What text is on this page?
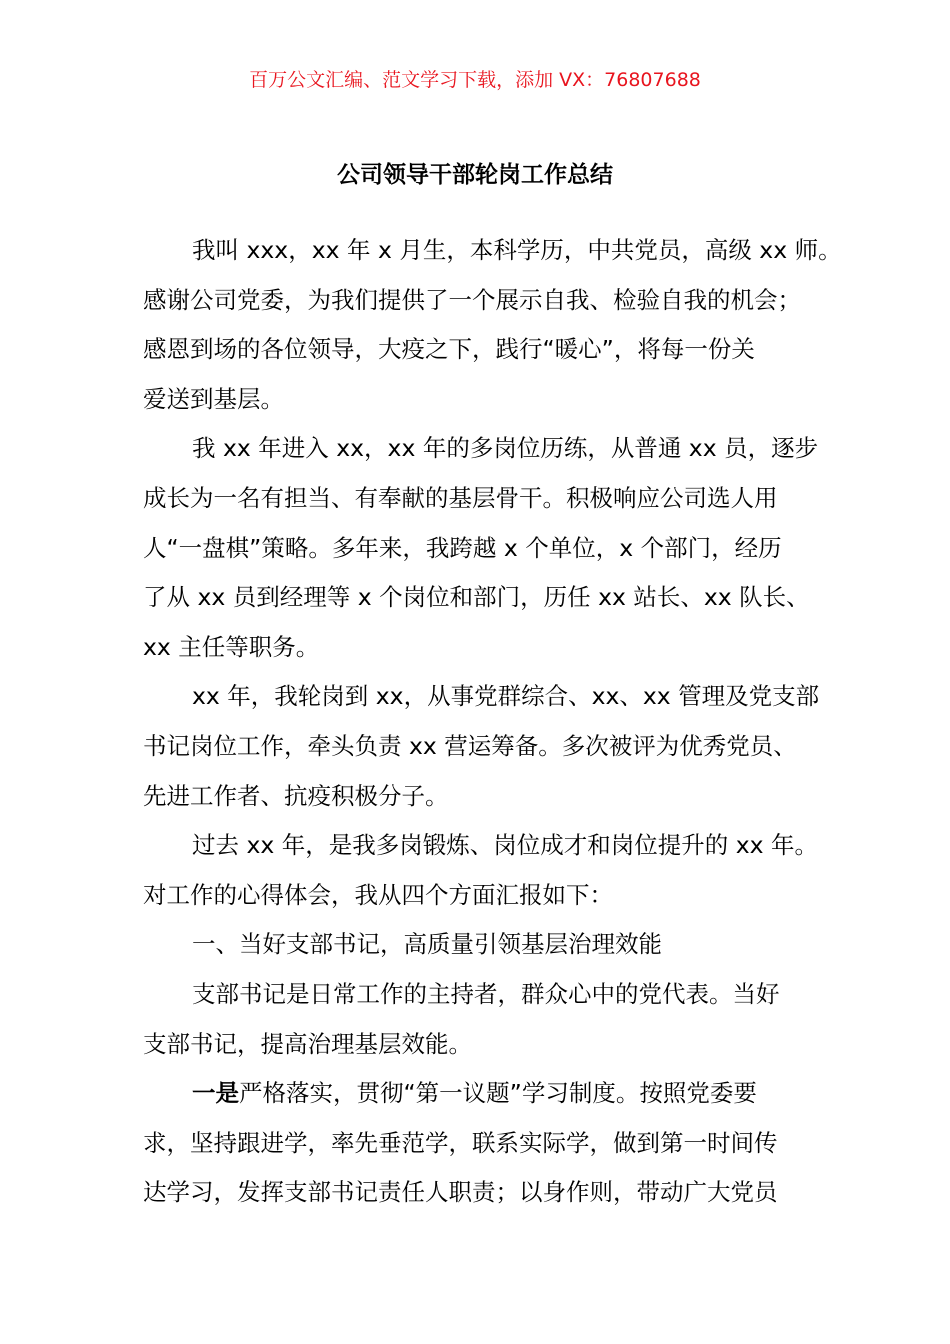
百万公文汇编、范文学习下载，添加 VX：76807688
公司领导干部轮岗工作总结

我叫 xxx，xx 年 x 月生，本科学历，中共党员，高级 xx 师。
感谢公司党委，为我们提供了一个展示自我、检验自我的机会；
感恩到场的各位领导，大疫之下，践行“暖心”，将每一份关
爱送到基层。

我 xx 年进入 xx，xx 年的多岗位历练，从普通 xx 员，逐步
成长为一名有担当、有奉献的基层骨干。积极响应公司选人用
人“一盘棋”策略。多年来，我跨越 x 个单位，x 个部门，经历
了从 xx 员到经理等 x 个岗位和部门，历任 xx 站长、xx 队长、
xx 主任等职务。

xx 年，我轮岗到 xx，从事党群综合、xx、xx 管理及党支部
书记岗位工作，牵头负责 xx 营运筹备。多次被评为优秀党员、
先进工作者、抗疫积极分子。

过去 xx 年，是我多岗锻炼、岗位成才和岗位提升的 xx 年。
对工作的心得体会，我从四个方面汇报如下：

一、当好支部书记，高质量引领基层治理效能

支部书记是日常工作的主持者，群众心中的党代表。当好
支部书记，提高治理基层效能。

一是严格落实，贯彻“第一议题”学习制度。按照党委要
求，坚持跟进学，率先垂范学，联系实际学，做到第一时间传
达学习，发挥支部书记责任人职责；以身作则，带动广大党员
